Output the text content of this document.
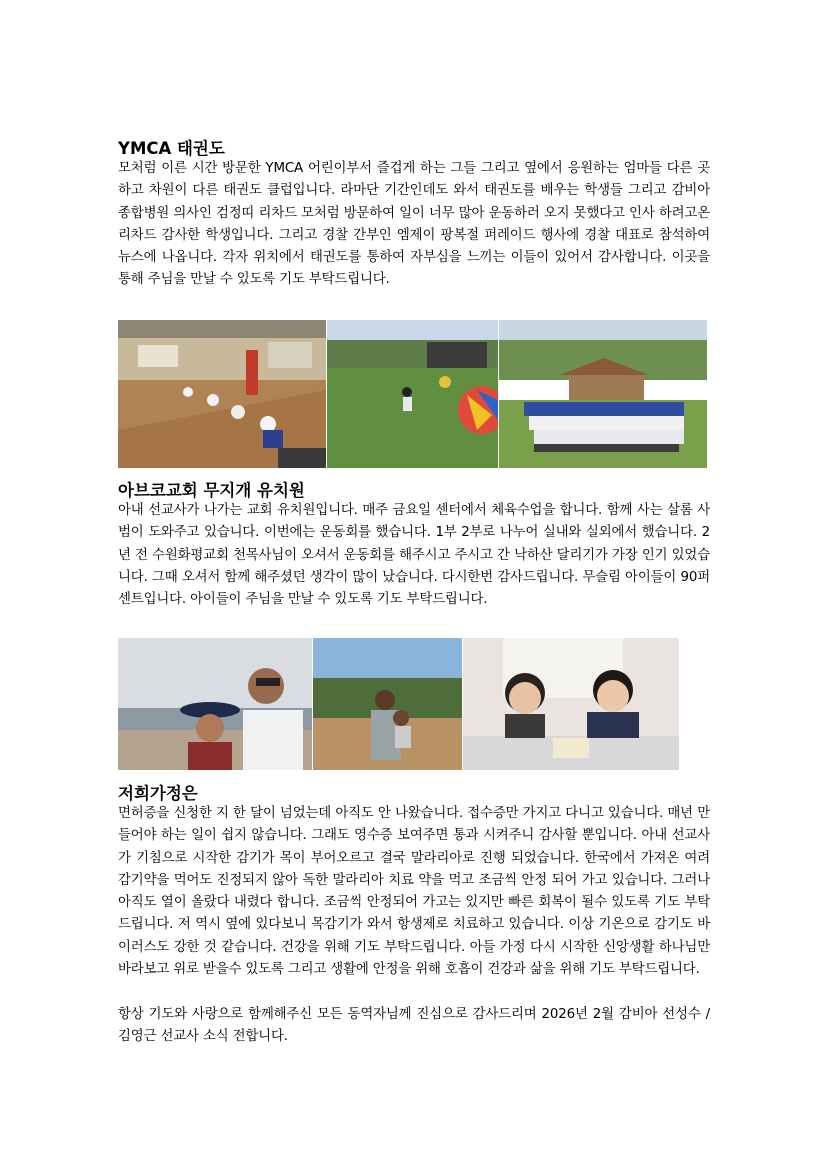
YMCA 태권도

모처럼 이른 시간 방문한 YMCA 어린이부서 즐겁게 하는 그들 그리고 옆에서 응원하는 엄마들 다른 곳 하고 차원이 다른 태권도 클럽입니다. 라마단 기간인데도 와서 태권도를 배우는 학생들 그리고 감비아 종합병원 의사인 검정띠 리차드 모처럼 방문하여 일이 너무 많아 운동하러 오지 못했다고 인사 하려고온 리차드 감사한 학생입니다. 그리고 경찰 간부인 엠제이 팡복절 퍼레이드 행사에 경찰 대표로 참석하여 뉴스에 나옵니다. 각자 위치에서 태권도를 통하여 자부심을 느끼는 이들이 있어서 감사합니다. 이곳을 통해 주님을 만날 수 있도록 기도 부탁드립니다.

아브코교회 무지개 유치원

아내 선교사가 나가는 교회 유치원입니다. 매주 금요일 센터에서 체육수업을 합니다. 함께 사는 살롬 사범이 도와주고 있습니다. 이번에는 운동회를 했습니다. 1부 2부로 나누어 실내와 실외에서 했습니다. 2년 전 수원화평교회 천목사님이 오셔서 운동회를 해주시고 주시고 간 낙하산 달리기가 가장 인기 있었습니다. 그때 오셔서 함께 해주셨던 생각이 많이 났습니다. 다시한번 감사드립니다. 무슬림 아이들이 90퍼센트입니다. 아이들이 주님을 만날 수 있도록 기도 부탁드립니다.

저희가정은

면허증을 신청한 지 한 달이 넘었는데 아직도 안 나왔습니다. 접수증만 가지고 다니고 있습니다. 매년 만들어야 하는 일이 쉽지 않습니다. 그래도 영수증 보여주면 통과 시켜주니 감사할 뿐입니다. 아내 선교사가 기침으로 시작한 감기가 목이 부어오르고 결국 말라리아로 진행 되었습니다. 한국에서 가져온 여려 감기약을 먹어도 진정되지 않아 독한 말라리아 치료 약을 먹고 조금씩 안정 되어 가고 있습니다. 그러나 아직도 열이 올랐다 내렸다 합니다. 조금씩 안정되어 가고는 있지만 빠른 회복이 될수 있도록 기도 부탁드립니다. 저 역시 옆에 있다보니 목감기가 와서 항생제로 치료하고 있습니다. 이상 기온으로 감기도 바이러스도 강한 것 같습니다. 건강을 위해 기도 부탁드립니다. 아들 가정 다시 시작한 신앙생활 하나님만 바라보고 위로 받을수 있도록 그리고 생활에 안정을 위해 호흡이 건강과 삶을 위해 기도 부탁드립니다.

항상 기도와 사랑으로 함께해주신 모든 동역자님께 진심으로 감사드리며 2026년 2월 감비아 선성수 /김영근 선교사 소식 전합니다.
